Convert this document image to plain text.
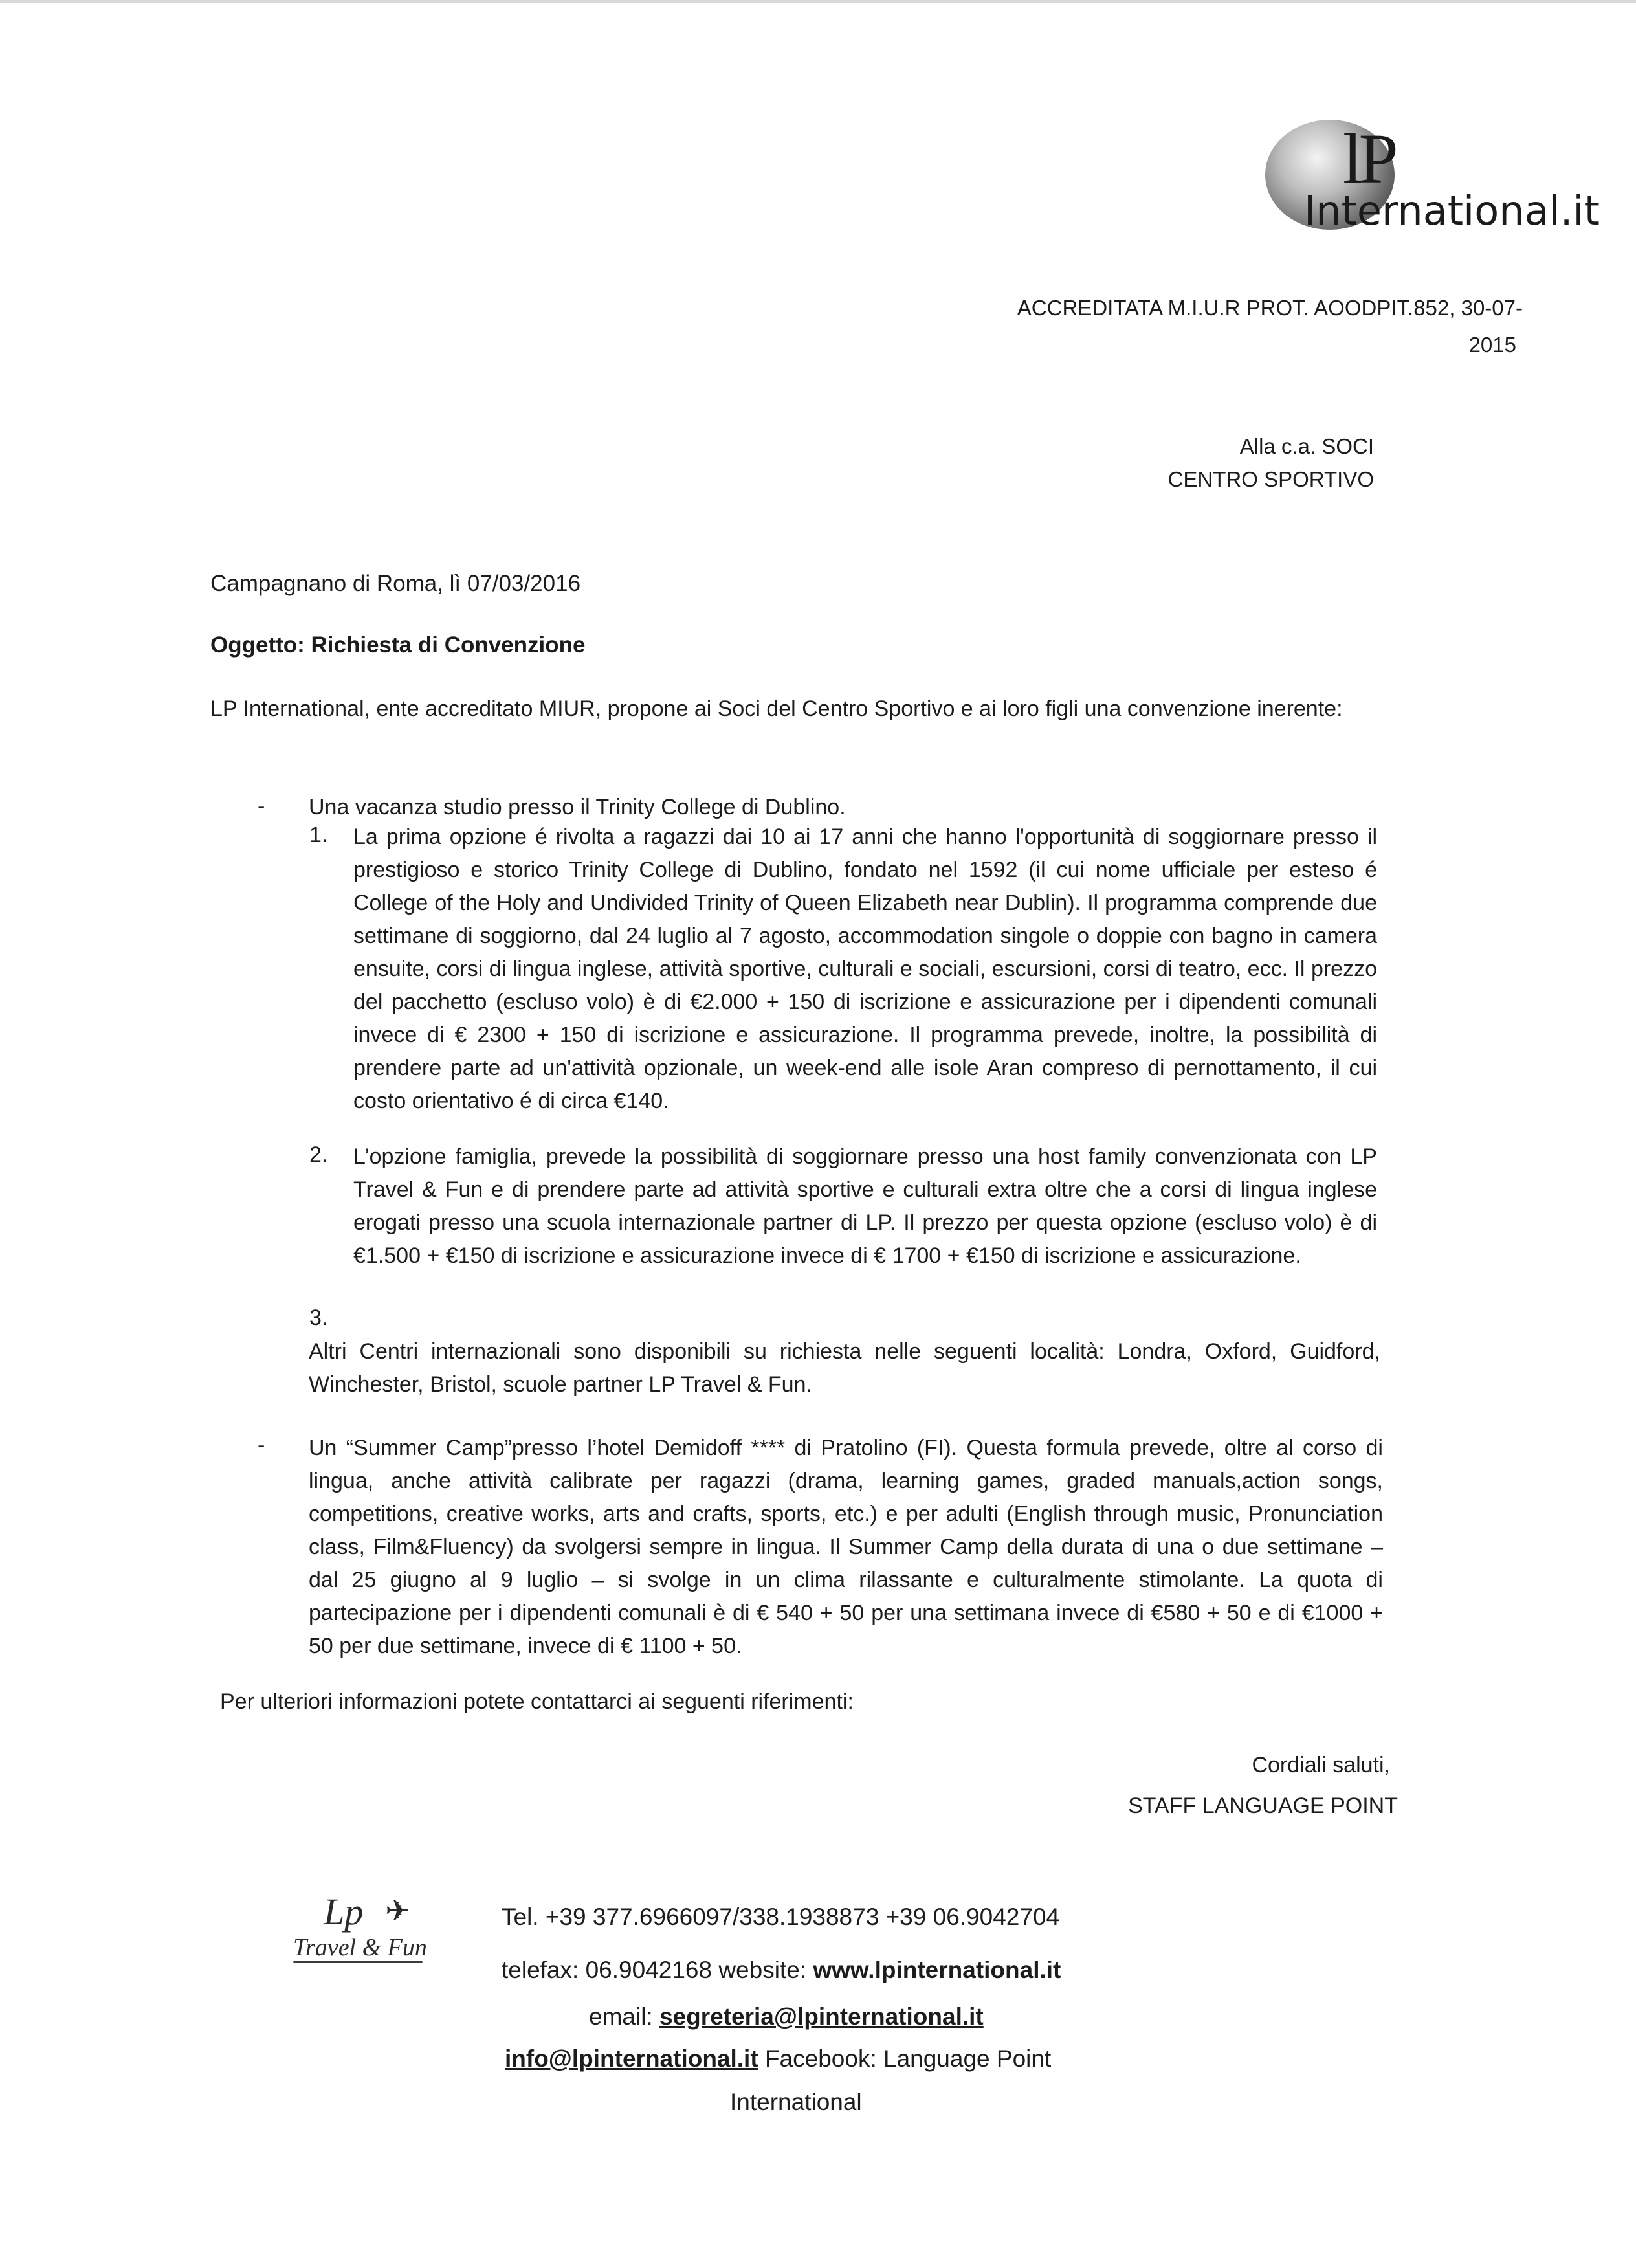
lP
International.it
ACCREDITATA M.I.U.R PROT. AOODPIT.852, 30-07-
2015
Alla c.a. SOCI
CENTRO SPORTIVO
Campagnano di Roma, lì 07/03/2016
Oggetto: Richiesta di Convenzione
LP International, ente accreditato MIUR, propone ai Soci del Centro Sportivo e ai loro figli una convenzione inerente:
- Una vacanza studio presso il Trinity College di Dublino.
1. La prima opzione é rivolta a ragazzi dai 10 ai 17 anni che hanno l'opportunità di soggiornare presso il prestigioso e storico Trinity College di Dublino, fondato nel 1592 (il cui nome ufficiale per esteso é College of the Holy and Undivided Trinity of Queen Elizabeth near Dublin). Il programma comprende due settimane di soggiorno, dal 24 luglio al 7 agosto, accommodation singole o doppie con bagno in camera ensuite, corsi di lingua inglese, attività sportive, culturali e sociali, escursioni, corsi di teatro, ecc. Il prezzo del pacchetto (escluso volo) è di €2.000 + 150 di iscrizione e assicurazione per i dipendenti comunali invece di € 2300 + 150 di iscrizione e assicurazione. Il programma prevede, inoltre, la possibilità di prendere parte ad un'attività opzionale, un week-end alle isole Aran compreso di pernottamento, il cui costo orientativo é di circa €140.
2. L’opzione famiglia, prevede la possibilità di soggiornare presso una host family convenzionata con LP Travel & Fun e di prendere parte ad attività sportive e culturali extra oltre che a corsi di lingua inglese erogati presso una scuola internazionale partner di LP. Il prezzo per questa opzione (escluso volo) è di €1.500 + €150 di iscrizione e assicurazione invece di € 1700 + €150 di iscrizione e assicurazione.
3.
Altri Centri internazionali sono disponibili su richiesta nelle seguenti località: Londra, Oxford, Guidford, Winchester, Bristol, scuole partner LP Travel & Fun.
- Un “Summer Camp”presso l’hotel Demidoff **** di Pratolino (FI). Questa formula prevede, oltre al corso di lingua, anche attività calibrate per ragazzi (drama, learning games, graded manuals,action songs, competitions, creative works, arts and crafts, sports, etc.) e per adulti (English through music, Pronunciation class, Film&Fluency) da svolgersi sempre in lingua. Il Summer Camp della durata di una o due settimane – dal 25 giugno al 9 luglio – si svolge in un clima rilassante e culturalmente stimolante. La quota di partecipazione per i dipendenti comunali è di € 540 + 50 per una settimana invece di €580 + 50 e di €1000 + 50 per due settimane, invece di € 1100 + 50.
Per ulteriori informazioni potete contattarci ai seguenti riferimenti:
Cordiali saluti,
STAFF LANGUAGE POINT
Lp ✈
Travel & Fun
Tel. +39 377.6966097/338.1938873 +39 06.9042704
telefax: 06.9042168 website: www.lpinternational.it
email: segreteria@lpinternational.it
info@lpinternational.it Facebook: Language Point
International
